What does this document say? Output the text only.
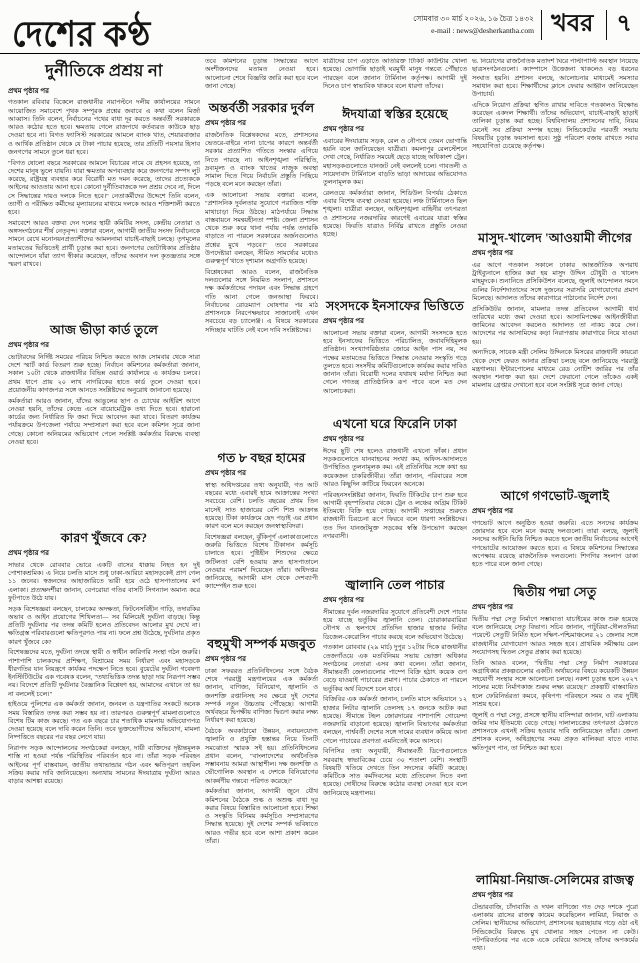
দেশের কণ্ঠ	সোমবার ৩০ মার্চ ২০২৬, ১৬ চৈত্র ১৪৩২
e-mail : news@desherkantha.com খবর ৭
দুর্নীতিকে প্রশ্রয় না
প্রথম পৃষ্ঠার পর

গতকাল রবিবার বিকেলে রাজধানীর নয়াপল্টনে দলীয় কার্যালয়ের সামনে আয়োজিত সমাবেশে পৃথক সম্পূরক প্রশ্নের জবাবে এ কথা বলেন মির্জা আব্বাস। তিনি বলেন, নির্বাচনের পথের বাধা দূর করতে অন্তর্বর্তী সরকারকে আরও কঠোর হতে হবে। ক্ষমতায় গেলে রাজপথে কর্তব্যরত কাউকে ছাড় দেওয়া হবে না। বিগত ফ্যাসিস্ট সরকারের আমলে ব্যাংক খাত, শেয়ারবাজার ও আর্থিক প্রতিষ্ঠান থেকে যে টাকা পাচার হয়েছে, তার প্রতিটি পয়সার হিসাব জনগণের সামনে তুলে ধরা হবে।

"বিগত ষোলো বছরে সরকারের আমলে বিচারের নামে যে প্রহসন হয়েছে, তা দেশের মানুষ ভুলে যায়নি। যারা ক্ষমতার অপব্যবহার করে জনগণের সম্পদ লুট করেছে, রাষ্ট্রযন্ত্র ব্যবহার করে বিরোধী মত দমন করেছে, তাদের প্রত্যেককে আইনের আওতায় আনা হবে। কোনো দুর্নীতিবাজকে দল প্রশ্রয় দেবে না, দিলে সে সিদ্ধান্তের দায়ও দলকে নিতে হবে।" নেতাকর্মীদের উদ্দেশে তিনি বলেন, ত্যাগী ও পরীক্ষিত কর্মীদের মূল্যায়নের মাধ্যমে দলকে আরও শক্তিশালী করতে হবে।

সমাবেশে আরও বক্তব্য দেন দলের স্থায়ী কমিটির সদস্য, কেন্দ্রীয় নেতারা ও অঙ্গসংগঠনের শীর্ষ নেতৃবৃন্দ। বক্তারা বলেন, আগামী জাতীয় সংসদ নির্বাচনকে সামনে রেখে মনোনয়নপ্রত্যাশীদের আমলনামা যাচাই-বাছাই চলছে। তৃণমূলের মতামতের ভিত্তিতেই প্রার্থী চূড়ান্ত করা হবে। জনগণের ভোটাধিকার প্রতিষ্ঠার আন্দোলনে যাঁরা ত্যাগ স্বীকার করেছেন, তাঁদের অবদান দল কৃতজ্ঞতার সঙ্গে স্মরণ রাখবে।

আজ ভীড়া কার্ড তুলে
প্রথম পৃষ্ঠার পর

ভোটারদের নির্দিষ্ট সময়ের পরিচয় নিশ্চিত করতে আজ সোমবার থেকে সারা দেশে স্মার্ট কার্ড বিতরণ শুরু হচ্ছে। নির্বাচন কমিশনের কর্মকর্তারা জানান, সকাল ১০টা থেকে রাজধানীর বিভিন্ন ওয়ার্ড কার্যালয়ে এ কার্যক্রম চলবে। প্রথম ধাপে প্রায় ২০ লাখ নাগরিকের হাতে কার্ড তুলে দেওয়া হবে। প্রয়োজনীয় কাগজপত্র সঙ্গে আনতে সংশ্লিষ্টদের অনুরোধ জানানো হয়েছে।

কর্মকর্তারা আরও জানান, যাঁদের আঙুলের ছাপ ও চোখের আইরিশ আগে নেওয়া হয়নি, তাঁদের কেন্দ্রে এসে বায়োমেট্রিক তথ্য দিতে হবে। হারানো কার্ডের জন্য নির্ধারিত ফি জমা দিয়ে আবেদন করা যাবে। বিতরণ কার্যক্রম পর্যায়ক্রমে উপজেলা পর্যায়ে সম্প্রসারণ করা হবে বলে কমিশন সূত্রে জানা গেছে। কোনো অনিয়মের অভিযোগ পেলে সংশ্লিষ্ট কর্মকর্তার বিরুদ্ধে ব্যবস্থা নেওয়া হবে।

কারণ খুঁজবে কে?
প্রথম পৃষ্ঠার পর

সাভার থেকে রোববার ভোরে একটি বাসের ধাক্কায় নিহত হন দুই পোশাকশ্রমিক। এ নিয়ে চলতি মাসে শুধু ঢাকা-আরিচা মহাসড়কেই প্রাণ গেল ১১ জনের। স্বজনদের আহাজারিতে ভারী হয়ে ওঠে হাসপাতালের মর্গ এলাকা। প্রত্যক্ষদর্শীরা জানান, বেপরোয়া গতির বাসটি সিগন্যাল অমান্য করে ফুটপাতে উঠে যায়।

সড়ক বিশেষজ্ঞরা বলছেন, চালকের অদক্ষতা, ফিটনেসবিহীন গাড়ি, তদারকির অভাব ও আইন প্রয়োগের শিথিলতা— সব মিলিয়েই দুর্ঘটনা বাড়ছে। কিন্তু প্রতিটি দুর্ঘটনার পর তদন্ত কমিটি হলেও প্রতিবেদন আলোর মুখ দেখে না। ক্ষতিগ্রস্ত পরিবারগুলো ক্ষতিপূরণও পায় না। ফলে প্রশ্ন উঠেছে, দুর্ঘটনার প্রকৃত কারণ খুঁজবে কে?

বিশেষজ্ঞদের মতে, দুর্ঘটনা তদন্তে স্থায়ী ও স্বাধীন কারিগরি সংস্থা গঠন জরুরি। পাশাপাশি চালকদের প্রশিক্ষণ, বিশ্রামের সময় নির্ধারণ এবং মহাসড়কে ধীরগতির যান নিয়ন্ত্রণে কার্যকর পদক্ষেপ নিতে হবে। বুয়েটের দুর্ঘটনা গবেষণা ইনস্টিটিউটের এক গবেষক বলেন, "তথ্যভিত্তিক তদন্ত ছাড়া দায় নিরূপণ সম্ভব নয়। বিদেশে প্রতিটি দুর্ঘটনার বৈজ্ঞানিক বিশ্লেষণ হয়, আমাদের এখানে তা হয় না বললেই চলে।"

হাইওয়ে পুলিশের এক কর্মকর্তা জানান, জনবল ও যন্ত্রপাতির সংকটে অনেক সময় বিস্তারিত তদন্ত করা সম্ভব হয় না। তারপরও গুরুত্বপূর্ণ মামলাগুলোতে বিশেষ টিম কাজ করছে। গত এক বছরে চার শতাধিক মামলায় অভিযোগপত্র দেওয়া হয়েছে বলে দাবি করেন তিনি। তবে ভুক্তভোগীদের অভিযোগ, মামলা নিষ্পত্তিতে বছরের পর বছর লেগে যায়।

নিরাপদ সড়ক আন্দোলনের সংগঠকেরা বলছেন, দায়ী ব্যক্তিদের দৃষ্টান্তমূলক শাস্তি না হওয়া পর্যন্ত পরিস্থিতির পরিবর্তন হবে না। তাঁরা সড়ক পরিবহন আইনের পূর্ণ বাস্তবায়ন, জাতীয় তথ্যভান্ডার গঠন এবং ক্ষতিপূরণ তহবিল সক্রিয় করার দাবি জানিয়েছেন। অন্যথায় সামনের ঈদযাত্রায় দুর্ঘটনা আরও বাড়ার আশঙ্কা রয়েছে।

তবে কমিশনের চূড়ান্ত সিদ্ধান্তের আগে অংশীজনদের মতামত নেওয়া হবে। আলোচনা শেষে বিজ্ঞপ্তি জারি করা হবে বলে জানা গেছে।

অন্তর্বর্তী সরকার দুর্বল
প্রথম পৃষ্ঠার পর

রাজনৈতিক বিশ্লেষকদের মতে, প্রশাসনের ভেতরে-বাইরে নানা চাপের কারণে অন্তর্বর্তী সরকার প্রত্যাশিত গতিতে সংস্কার এগিয়ে নিতে পারছে না। আইনশৃঙ্খলা পরিস্থিতি, দ্রব্যমূল্য ও ব্যাংক খাতের নাজুক অবস্থা সামাল দিতে গিয়ে নির্বাচনি প্রস্তুতি পিছিয়ে পড়ছে বলে মনে করছেন তাঁরা।

এক আলোচনা সভায় বক্তারা বলেন, "প্রশাসনিক দুর্বলতার সুযোগে পরাজিত শক্তি মাথাচাড়া দিয়ে উঠছে। মাঠপর্যায়ে সিদ্ধান্ত বাস্তবায়নে সমন্বয়হীনতা স্পষ্ট। জেলা প্রশাসন থেকে শুরু করে থানা পর্যায় পর্যন্ত তদারকি বাড়াতে না পারলে সরকারের অর্জনগুলোও প্রশ্নের মুখে পড়বে।" তবে সরকারের উপদেষ্টারা বলছেন, সীমিত সামর্থ্যের মধ্যেও গুরুত্বপূর্ণ খাতে দৃশ্যমান অগ্রগতি হয়েছে।

বিশ্লেষকেরা আরও বলেন, রাজনৈতিক দলগুলোর সঙ্গে নিয়মিত সংলাপ, প্রশাসনে দক্ষ কর্মকর্তাদের পদায়ন এবং সিদ্ধান্ত গ্রহণে গতি আনা গেলে জনআস্থা ফিরবে। নির্বাচনের রোডম্যাপ ঘোষণার পর মাঠ প্রশাসনকে নিরপেক্ষভাবে সাজানোই এখন সবচেয়ে বড় চ্যালেঞ্জ। এ বিষয়ে সরকারের সদিচ্ছার ঘাটতি নেই বলে দাবি সংশ্লিষ্টদের।

গত ৮ বছর হামের
প্রথম পৃষ্ঠার পর

স্বাস্থ্য অধিদপ্তরের তথ্য অনুযায়ী, গত আট বছরের মধ্যে এবারই হামে আক্রান্তের সংখ্যা সবচেয়ে বেশি। চলতি বছরের প্রথম তিন মাসেই সাত হাজারের বেশি শিশু আক্রান্ত হয়েছে। টিকা কার্যক্রমে ছেদ পড়াই এর প্রধান কারণ বলে মনে করছেন জনস্বাস্থ্যবিদরা।

বিশেষজ্ঞরা বলছেন, ঝুঁকিপূর্ণ এলাকাগুলোতে জরুরি ভিত্তিতে বিশেষ টিকাদান কর্মসূচি চালাতে হবে। পুষ্টিহীন শিশুদের ক্ষেত্রে জটিলতা বেশি হওয়ায় দ্রুত হাসপাতালে নেওয়ার পরামর্শ দিয়েছেন তাঁরা। অধিদপ্তর জানিয়েছে, আগামী মাস থেকে দেশব্যাপী ক্যাম্পেইন শুরু হবে।

বহুমুখী সম্পর্ক মজবুত
প্রথম পৃষ্ঠার পর

ঢাকা সফররত প্রতিনিধিদলের সঙ্গে বৈঠক শেষে পররাষ্ট্র মন্ত্রণালয়ের এক কর্মকর্তা জানান, বাণিজ্য, বিনিয়োগ, জ্বালানি ও জনশক্তি রপ্তানিসহ সব ক্ষেত্রে দুই দেশের সম্পর্ক নতুন উচ্চতায় পৌঁছেছে। আগামী অর্থবছরে দ্বিপক্ষীয় বাণিজ্য দ্বিগুণ করার লক্ষ্য নির্ধারণ করা হয়েছে।

বৈঠকে অবকাঠামো উন্নয়ন, নবায়নযোগ্য জ্বালানি ও প্রযুক্তি হস্তান্তর নিয়ে তিনটি সমঝোতা স্মারক সই হয়। প্রতিনিধিদলের প্রধান বলেন, "বাংলাদেশের অর্থনৈতিক সম্ভাবনায় আমরা আস্থাশীল। দক্ষ জনশক্তি ও ভৌগোলিক অবস্থান এ দেশকে বিনিয়োগের আকর্ষণীয় গন্তব্যে পরিণত করেছে।"

কর্মকর্তারা জানান, আগামী জুনে যৌথ কমিশনের বৈঠকে শুল্ক ও অশুল্ক বাধা দূর করার বিষয়ে বিস্তারিত আলোচনা হবে। শিক্ষা ও সংস্কৃতি বিনিময় কর্মসূচিও সম্প্রসারণের সিদ্ধান্ত হয়েছে। দুই দেশের সম্পর্ক ভবিষ্যতে আরও গভীর হবে বলে আশা প্রকাশ করেন তাঁরা।

যাত্রীদের চাপ এড়াতে অতিরিক্ত টিকিট কাউন্টার খোলা হয়েছে। ভোগান্তি ছাড়াই ঘরমুখী মানুষ গন্তব্যে পৌঁছাতে পারছেন বলে জানান টার্মিনাল কর্তৃপক্ষ। আগামী দুই দিনেও চাপ স্বাভাবিক থাকবে বলে ধারণা তাঁদের।

ঈদযাত্রা স্বস্তির হয়েছে
প্রথম পৃষ্ঠার পর

এবারের ঈদযাত্রায় সড়ক, রেল ও নৌপথে তেমন ভোগান্তি হয়নি বলে জানিয়েছেন যাত্রীরা। কমলাপুর রেলস্টেশনে দেখা গেছে, নির্ধারিত সময়েই ছেড়ে যাচ্ছে অধিকাংশ ট্রেন। মহাসড়কগুলোতে যানজট নেই বললেই চলে। গাবতলী ও সায়েদাবাদ টার্মিনালে বাড়তি ভাড়া আদায়ের অভিযোগও তুলনামূলক কম।

রেলওয়ে কর্মকর্তারা জানান, শিডিউল বিপর্যয় ঠেকাতে এবার বিশেষ ব্যবস্থা নেওয়া হয়েছে। লঞ্চ টার্মিনালেও ছিল শৃঙ্খলা। যাত্রীরা বলছেন, আইনশৃঙ্খলা বাহিনীর তৎপরতা ও প্রশাসনের নজরদারির কারণেই এবারের যাত্রা স্বস্তির হয়েছে। ফিরতি যাত্রাও নির্বিঘ্ন রাখতে প্রস্তুতি নেওয়া হচ্ছে।

সংসদকে ইনসাফের ভিত্তিতে
প্রথম পৃষ্ঠার পর

আলোচনা সভায় বক্তারা বলেন, আগামী সংসদকে হতে হবে ইনসাফের ভিত্তিতে পরিচালিত, জবাবদিহিমূলক প্রতিষ্ঠান। সংখ্যাগরিষ্ঠতার জোরে আইন পাস নয়, সব পক্ষের মতামতের ভিত্তিতে সিদ্ধান্ত নেওয়ার সংস্কৃতি গড়ে তুলতে হবে। সংসদীয় কমিটিগুলোকে কার্যকর করার দাবিও জানান তাঁরা। বিরোধী দলের যথাযথ মর্যাদা নিশ্চিত করা গেলে গণতন্ত্র প্রাতিষ্ঠানিক রূপ পাবে বলে মত দেন আলোচকরা।

এখনো ঘরে ফিরেনি ঢাকা
প্রথম পৃষ্ঠার পর

ঈদের ছুটি শেষ হলেও রাজধানী এখনো ফাঁকা। প্রধান সড়কগুলোতে যানবাহনের সংখ্যা কম, অফিস-আদালতে উপস্থিতিও তুলনামূলক কম। এই প্রতিনিধির সঙ্গে কথা হয় কয়েকজন চাকরিজীবীর। তাঁরা জানান, পরিবারের সঙ্গে আরও কিছুদিন কাটিয়ে ফিরবেন অনেকে।

পরিবহনসংশ্লিষ্টরা জানান, ফিরতি টিকিটের চাপ শুরু হবে আগামী বৃহস্পতিবার থেকে। ট্রেন ও লঞ্চের অগ্রিম টিকিট ইতিমধ্যে বিক্রি হয়ে গেছে। আগামী সপ্তাহের শুরুতে রাজধানী চিরচেনা রূপে ফিরবে বলে ধারণা সংশ্লিষ্টদের। তত দিন যানজটমুক্ত সড়কের স্বস্তি উপভোগ করছেন নগরবাসী।

জ্বালানি তেল পাচার
প্রথম পৃষ্ঠার পর

সীমান্তের দুর্বল নজরদারির সুযোগে প্রতিবেশী দেশে পাচার হয়ে যাচ্ছে ভর্তুকির জ্বালানি তেল। চোরাকারবারিরা নৌপথ ও স্থলপথে প্রতিদিন হাজার হাজার লিটার ডিজেল-কেরোসিন পাচার করছে বলে অভিযোগ উঠেছে।

গতকাল রোববার (২৯ মার্চ) দুপুর ১২টার দিকে রাজধানীর তেজগাঁওয়ে এক মতবিনিময় সভায় ভোক্তা অধিকার সংগঠনের নেতারা এসব কথা বলেন। তাঁরা জানান, সীমান্তবর্তী জেলাগুলোর পাম্পে বিক্রি হঠাৎ কয়েক গুণ বেড়ে যাওয়াই পাচারের প্রমাণ। পাচার ঠেকাতে না পারলে ভর্তুকির অর্থ বিদেশে চলে যাবে।

বিজিবির এক কর্মকর্তা জানান, চলতি মাসে অভিযানে ১২ হাজার লিটার জ্বালানি তেলসহ ১৭ জনকে আটক করা হয়েছে। সীমান্তে টহল জোরদারের পাশাপাশি গোয়েন্দা নজরদারি বাড়ানো হয়েছে। জ্বালানি বিভাগের কর্মকর্তারা বলছেন, পার্শ্ববর্তী দেশের সঙ্গে দামের ব্যবধান কমিয়ে আনা গেলে পাচারের প্রবণতা এমনিতেই কমে আসবে।

বিপিসির তথ্য অনুযায়ী, সীমান্তবর্তী ডিপোগুলোতে সরবরাহ স্বাভাবিকের চেয়ে ৩০ শতাংশ বেশি। সংস্থাটি বিষয়টি খতিয়ে দেখতে তিন সদস্যের কমিটি করেছে। কমিটিকে সাত কর্মদিবসের মধ্যে প্রতিবেদন দিতে বলা হয়েছে। দোষীদের বিরুদ্ধে কঠোর ব্যবস্থা নেওয়া হবে বলে জানিয়েছে মন্ত্রণালয়।

ভ. নিয়োগের রাজনৈতিক মতাদর্শ ঘিরে পাল্টাপাল্টি অবস্থান নিয়েছে ছাত্রসংগঠনগুলো। ক্যাম্পাসে উত্তেজনা থাকলেও বড় ধরনের সংঘাত হয়নি। প্রশাসন বলছে, আলোচনার মাধ্যমেই সমস্যার সমাধান করা হবে। শিক্ষার্থীদের ক্লাসে ফেরার আহ্বান জানিয়েছেন উপাচার্য।

এদিকে নিয়োগ প্রক্রিয়া স্থগিত রাখার দাবিতে গতকালও বিক্ষোভ করেছেন একদল শিক্ষার্থী। তাঁদের অভিযোগ, যাচাই-বাছাই ছাড়াই তালিকা চূড়ান্ত করা হচ্ছে। বিশ্ববিদ্যালয় প্রশাসনের দাবি, নিয়ম মেনেই সব প্রক্রিয়া সম্পন্ন হচ্ছে। সিন্ডিকেটের পরবর্তী সভায় বিষয়টির চূড়ান্ত ফয়সালা হবে। সুষ্ঠু পরিবেশ বজায় রাখতে সবার সহযোগিতা চেয়েছে কর্তৃপক্ষ।

মাসুদ-খালেদ 'আওয়ামী লীগের
প্রথম পৃষ্ঠার পর

এর আগে গতকাল সকালে ঢাকার আন্তর্জাতিক অপরাধ ট্রাইব্যুনালে হাজির করা হয় মাসুদ উদ্দিন চৌধুরী ও খালেদ মাহমুদকে। শুনানিতে প্রসিকিউশন বলেছে, জুলাই আন্দোলন দমনে গুলির নির্দেশদাতাদের সঙ্গে দুজনের সরাসরি যোগাযোগের প্রমাণ মিলেছে। আদালত তাঁদের কারাগারে পাঠানোর নির্দেশ দেন।

প্রসিকিউটর জানান, মামলার তদন্ত প্রতিবেদন আগামী ধার্য তারিখের মধ্যে জমা দেওয়া হবে। আসামিপক্ষের আইনজীবীরা জামিনের আবেদন করলেও আদালত তা নাকচ করে দেন। আদেশের পর আসামিদের কড়া নিরাপত্তায় কারাগারে নিয়ে যাওয়া হয়।

অন্যদিকে, সাবেক মন্ত্রী সেলিম উদ্দিনকে মিসরের রাজধানী কায়রো থেকে দেশে ফেরত আনার প্রক্রিয়া চলছে বলে জানিয়েছে পররাষ্ট্র মন্ত্রণালয়। ইন্টারপোলের মাধ্যমে রেড নোটিশ জারির পর তাঁর অবস্থান শনাক্ত করা হয়। দেশে ফেরানো গেলে তাঁকেও একই মামলায় গ্রেপ্তার দেখানো হবে বলে সংশ্লিষ্ট সূত্রে জানা গেছে।

আগে গণভোট-জুলাই
প্রথম পৃষ্ঠার পর

গণভোট আগে অনুষ্ঠিত হওয়া জরুরি। এতে সনদের কার্যক্রম জোরদার হবে বলে মনে করছে দলগুলো। তারা বলছে, জুলাই সনদের আইনি ভিত্তি নিশ্চিত করতে হলে জাতীয় নির্বাচনের আগেই গণভোটের আয়োজন করতে হবে। এ বিষয়ে কমিশনের সিদ্ধান্তের অপেক্ষায় রয়েছে রাজনৈতিক দলগুলো। শিগগির সংলাপ ডাকা হতে পারে বলে জানা গেছে।

দ্বিতীয় পদ্মা সেতু
প্রথম পৃষ্ঠার পর

দ্বিতীয় পদ্মা সেতু নির্মাণে সম্ভাব্যতা যাচাইয়ের কাজ শুরু হয়েছে বলে জানিয়েছে সেতু বিভাগ। সচিব জানান, পাটুরিয়া-দৌলতদিয়া পয়েন্টে সেতুটি নির্মিত হলে দক্ষিণ-পশ্চিমাঞ্চলের ২১ জেলার সঙ্গে রাজধানীর যোগাযোগ আরও সহজ হবে। প্রাথমিক সমীক্ষায় রেল সংযোগসহ দ্বিতল সেতুর প্রস্তাব করা হয়েছে।

তিনি আরও বলেন, "দ্বিতীয় পদ্মা সেতু নির্মাণ সরকারের অগ্রাধিকার প্রকল্পগুলোর একটি। অর্থায়নের বিষয়ে কয়েকটি উন্নয়ন সহযোগী সংস্থার সঙ্গে আলোচনা চলছে। নকশা চূড়ান্ত হলে ২০২৭ সালের মধ্যে নির্মাণকাজ শুরুর লক্ষ্য রয়েছে।" প্রকল্পটি বাস্তবায়িত হলে ফেরিনির্ভরতা কমবে, কৃষিপণ্য পরিবহনে সময় ও ব্যয় দুটিই সাশ্রয় হবে।

জুলাই ও পদ্মা সেতু, প্রসঙ্গে স্থানীয় বাসিন্দারা জানান, ঘাট এলাকায় জমির দাম ইতিমধ্যে বেড়ে গেছে। দালালচক্রের তৎপরতা ঠেকাতে প্রশাসনকে এখনই সক্রিয় হওয়ার দাবি জানিয়েছেন তাঁরা। জেলা প্রশাসক বলেন, অধিগ্রহণের সময় প্রকৃত মালিকরা যাতে ন্যায্য ক্ষতিপূরণ পান, তা নিশ্চিত করা হবে।

লামিয়া-নিয়াজ-সেলিমের রাজত্ব
প্রথম পৃষ্ঠার পর

টেন্ডারবাজি, চাঁদাবাজি ও দখল বাণিজ্যে গত দেড় দশকে পুরো এলাকায় ত্রাসের রাজত্ব কায়েম করেছিলেন লামিয়া, নিয়াজ ও সেলিম। স্থানীয়দের অভিযোগ, প্রশাসনের ছত্রচ্ছায়ায় গড়ে ওঠা এই সিন্ডিকেটের বিরুদ্ধে মুখ খোলার সাহস পেতেন না কেউ। পটপরিবর্তনের পর একে একে বেরিয়ে আসছে তাঁদের অপকর্মের তথ্য।
